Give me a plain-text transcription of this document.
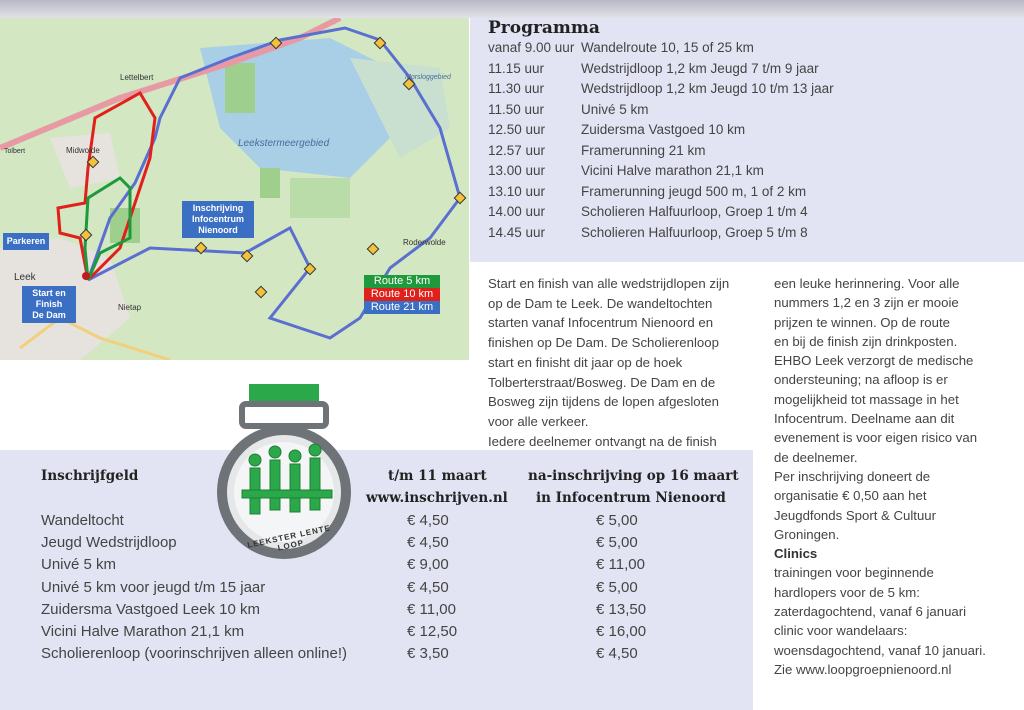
Lettelbert
Midwolde
Leekstermeergebied
Roderwolde
Nietap
Leek
Morsloggebied
Tolbert
Inschrijving
Infocentrum
Nienoord
Parkeren
Start en
Finish
De Dam
Route 5 km
Route 10 km
Route 21 km
Programma
vanaf 9.00 uur Wandelroute 10, 15 of 25 km
11.15 uur	Wedstrijdloop 1,2 km Jeugd 7 t/m 9 jaar
11.30 uur	Wedstrijdloop 1,2 km Jeugd 10 t/m 13 jaar
11.50 uur	Univé 5 km
12.50 uur	Zuidersma Vastgoed 10 km
12.57 uur	Framerunning 21 km
13.00 uur	Vicini Halve marathon 21,1 km
13.10 uur	Framerunning jeugd 500 m, 1 of 2 km
14.00 uur	Scholieren Halfuurloop, Groep 1 t/m 4
14.45 uur	Scholieren Halfuurloop, Groep 5 t/m 8
Start en finish van alle wedstrijdlopen zijn
op de Dam te Leek. De wandeltochten
starten vanaf Infocentrum Nienoord en
finishen op De Dam. De Scholierenloop
start en finisht dit jaar op de hoek
Tolberterstraat/Bosweg. De Dam en de
Bosweg zijn tijdens de lopen afgesloten
voor alle verkeer.
Iedere deelnemer ontvangt na de finish
een leuke herinnering. Voor alle
nummers 1,2 en 3 zijn er mooie
prijzen te winnen. Op de route
en bij de finish zijn drinkposten.
EHBO Leek verzorgt de medische
ondersteuning; na afloop is er
mogelijkheid tot massage in het
Infocentrum. Deelname aan dit
evenement is voor eigen risico van
de deelnemer.
Per inschrijving doneert de
organisatie € 0,50 aan het
Jeugdfonds Sport & Cultuur
Groningen.
Clinics
trainingen voor beginnende
hardlopers voor de 5 km:
zaterdagochtend, vanaf 6 januari
clinic voor wandelaars:
woensdagochtend, vanaf 10 januari.
Zie www.loopgroepnienoord.nl
Inschrijfgeld	t/m 11 maart
www.inschrijven.nl
na-inschrijving op 16 maart
in Infocentrum Nienoord
Wandeltocht	€ 4,50	€ 5,00
Jeugd Wedstrijdloop	€ 4,50	€ 5,00
Univé 5 km	€ 9,00	€ 11,00
Univé 5 km voor jeugd t/m 15 jaar	€ 4,50	€ 5,00
Zuidersma Vastgoed Leek 10 km	€ 11,00	€ 13,50
Vicini Halve Marathon 21,1 km	€ 12,50	€ 16,00
Scholierenloop (voorinschrijven alleen online!)	€ 3,50	€ 4,50
LEEKSTER LENTE LOOP
